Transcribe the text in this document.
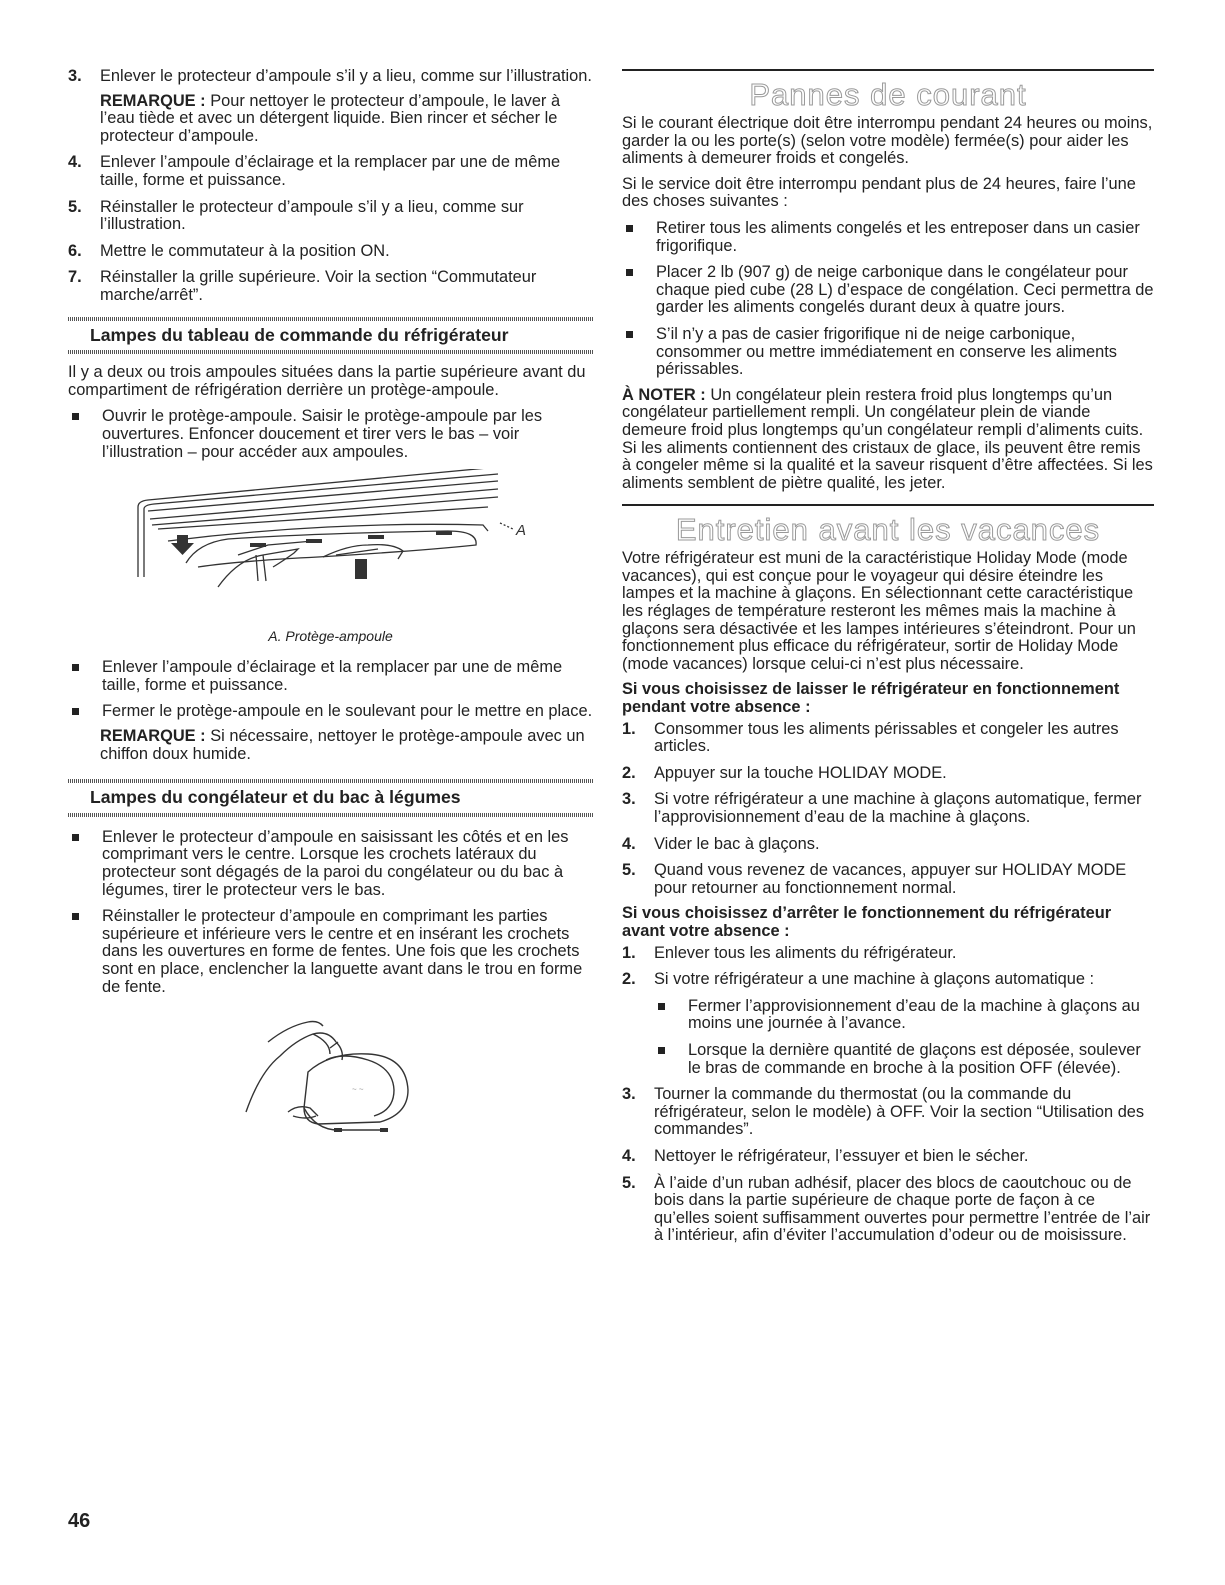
3.	Enlever le protecteur d’ampoule s’il y a lieu, comme sur l’illustration.

REMARQUE : Pour nettoyer le protecteur d’ampoule, le laver à l’eau tiède et avec un détergent liquide. Bien rincer et sécher le protecteur d’ampoule.

4.	Enlever l’ampoule d’éclairage et la remplacer par une de même taille, forme et puissance.
5.	Réinstaller le protecteur d’ampoule s’il y a lieu, comme sur l’illustration.
6.	Mettre le commutateur à la position ON.
7.	Réinstaller la grille supérieure. Voir la section “Commutateur marche/arrêt”.
Lampes du tableau de commande du réfrigérateur

Il y a deux ou trois ampoules situées dans la partie supérieure avant du compartiment de réfrigération derrière un protège-ampoule.

Ouvrir le protège-ampoule. Saisir le protège-ampoule par les ouvertures. Enfoncer doucement et tirer vers le bas – voir l’illustration – pour accéder aux ampoules.
A
A. Protège-ampoule
Enlever l’ampoule d’éclairage et la remplacer par une de même taille, forme et puissance.
Fermer le protège-ampoule en le soulevant pour le mettre en place.

REMARQUE : Si nécessaire, nettoyer le protège-ampoule avec un chiffon doux humide.

Lampes du congélateur et du bac à légumes
Enlever le protecteur d’ampoule en saisissant les côtés et en les comprimant vers le centre. Lorsque les crochets latéraux du protecteur sont dégagés de la paroi du congélateur ou du bac à légumes, tirer le protecteur vers le bas.
Réinstaller le protecteur d’ampoule en comprimant les parties supérieure et inférieure vers le centre et en insérant les crochets dans les ouvertures en forme de fentes. Une fois que les crochets sont en place, enclencher la languette avant dans le trou en forme de fente.
~ ~
Pannes de courant

Si le courant électrique doit être interrompu pendant 24 heures ou moins, garder la ou les porte(s) (selon votre modèle) fermée(s) pour aider les aliments à demeurer froids et congelés.

Si le service doit être interrompu pendant plus de 24 heures, faire l’une des choses suivantes :

Retirer tous les aliments congelés et les entreposer dans un casier frigorifique.
Placer 2 lb (907 g) de neige carbonique dans le congélateur pour chaque pied cube (28 L) d’espace de congélation. Ceci permettra de garder les aliments congelés durant deux à quatre jours.
S’il n’y a pas de casier frigorifique ni de neige carbonique, consommer ou mettre immédiatement en conserve les aliments périssables.

À NOTER : Un congélateur plein restera froid plus longtemps qu’un congélateur partiellement rempli. Un congélateur plein de viande demeure froid plus longtemps qu’un congélateur rempli d’aliments cuits. Si les aliments contiennent des cristaux de glace, ils peuvent être remis à congeler même si la qualité et la saveur risquent d’être affectées. Si les aliments semblent de piètre qualité, les jeter.

Entretien avant les vacances

Votre réfrigérateur est muni de la caractéristique Holiday Mode (mode vacances), qui est conçue pour le voyageur qui désire éteindre les lampes et la machine à glaçons. En sélectionnant cette caractéristique les réglages de température resteront les mêmes mais la machine à glaçons sera désactivée et les lampes intérieures s’éteindront. Pour un fonctionnement plus efficace du réfrigérateur, sortir de Holiday Mode (mode vacances) lorsque celui-ci n’est plus nécessaire.

Si vous choisissez de laisser le réfrigérateur en fonctionnement pendant votre absence :

1.	Consommer tous les aliments périssables et congeler les autres articles.
2.	Appuyer sur la touche HOLIDAY MODE.
3.	Si votre réfrigérateur a une machine à glaçons automatique, fermer l’approvisionnement d’eau de la machine à glaçons.
4.	Vider le bac à glaçons.
5.	Quand vous revenez de vacances, appuyer sur HOLIDAY MODE pour retourner au fonctionnement normal.

Si vous choisissez d’arrêter le fonctionnement du réfrigérateur avant votre absence :

1.	Enlever tous les aliments du réfrigérateur.
2.	Si votre réfrigérateur a une machine à glaçons automatique :
Fermer l’approvisionnement d’eau de la machine à glaçons au moins une journée à l’avance.
Lorsque la dernière quantité de glaçons est déposée, soulever le bras de commande en broche à la position OFF (élevée).
3.	Tourner la commande du thermostat (ou la commande du réfrigérateur, selon le modèle) à OFF. Voir la section “Utilisation des commandes”.
4.	Nettoyer le réfrigérateur, l’essuyer et bien le sécher.
5.	À l’aide d’un ruban adhésif, placer des blocs de caoutchouc ou de bois dans la partie supérieure de chaque porte de façon à ce qu’elles soient suffisamment ouvertes pour permettre l’entrée de l’air à l’intérieur, afin d’éviter l’accumulation d’odeur ou de moisissure.
46
